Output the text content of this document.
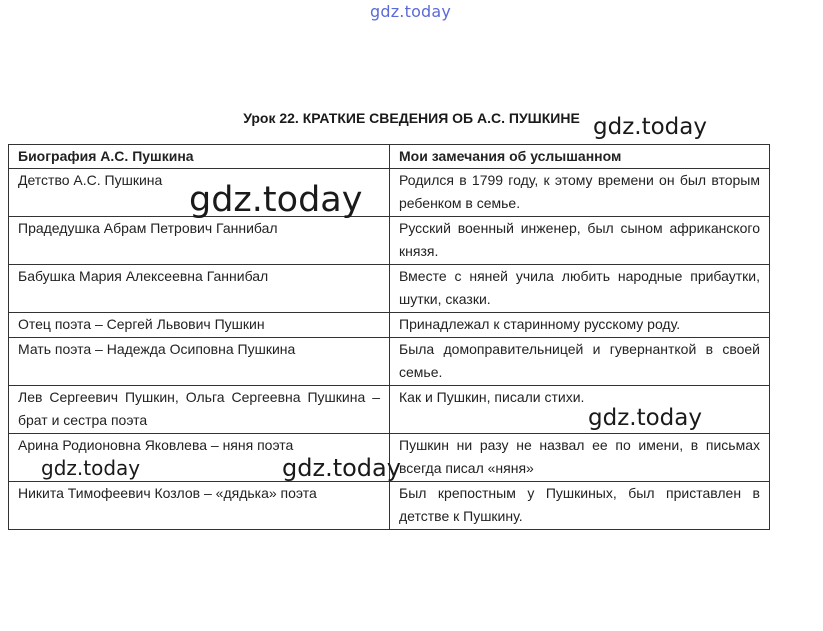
gdz.today
Урок 22. КРАТКИЕ СВЕДЕНИЯ ОБ А.С. ПУШКИНЕ
Биография А.С. Пушкина	Мои замечания об услышанном
Детство А.С. Пушкина	Родился в 1799 году, к этому времени он был вторым ребенком в семье.
Прадедушка Абрам Петрович Ганнибал	Русский военный инженер, был сыном африканского князя.
Бабушка Мария Алексеевна Ганнибал	Вместе с няней учила любить народные прибаутки, шутки, сказки.
Отец поэта – Сергей Львович Пушкин	Принадлежал к старинному русскому роду.
Мать поэта – Надежда Осиповна Пушкина	Была домоправительницей и гувернанткой в своей семье.
Лев Сергеевич Пушкин, Ольга Сергеевна Пушкина – брат и сестра поэта	Как и Пушкин, писали стихи.
Арина Родионовна Яковлева – няня поэта	Пушкин ни разу не назвал ее по имени, в письмах всегда писал «няня»
Никита Тимофеевич Козлов – «дядька» поэта	Был крепостным у Пушкиных, был приставлен в детстве к Пушкину.
gdz.today
gdz.today
gdz.today
gdz.today	gdz.today
